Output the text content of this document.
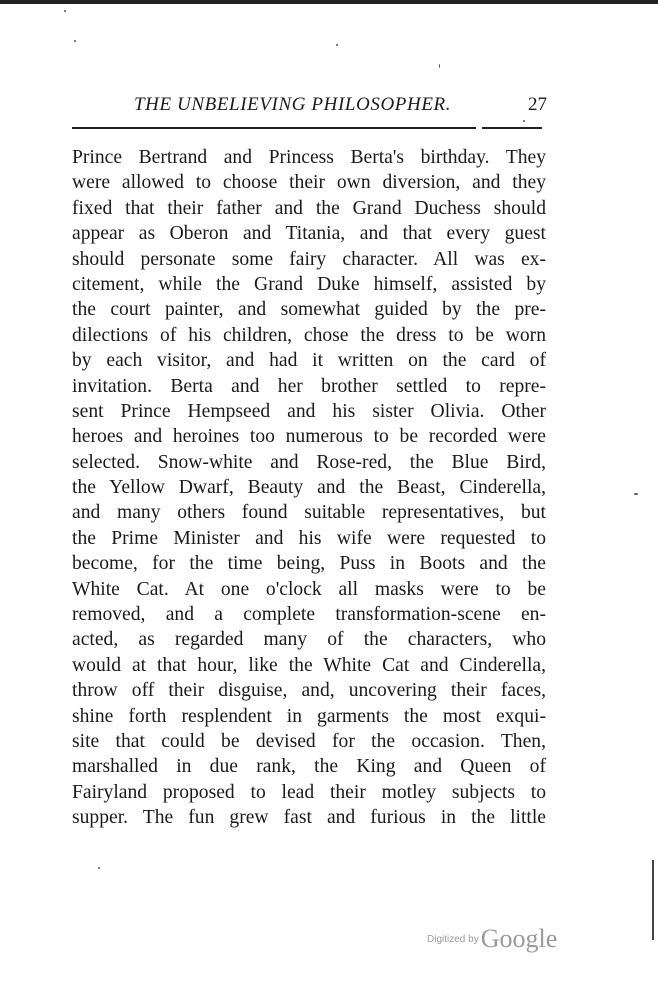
THE UNBELIEVING PHILOSOPHER.	27
Prince Bertrand and Princess Berta's birthday. They
were allowed to choose their own diversion, and they
fixed that their father and the Grand Duchess should
appear as Oberon and Titania, and that every guest
should personate some fairy character. All was ex-
citement, while the Grand Duke himself, assisted by
the court painter, and somewhat guided by the pre-
dilections of his children, chose the dress to be worn
by each visitor, and had it written on the card of
invitation. Berta and her brother settled to repre-
sent Prince Hempseed and his sister Olivia. Other
heroes and heroines too numerous to be recorded were
selected. Snow-white and Rose-red, the Blue Bird,
the Yellow Dwarf, Beauty and the Beast, Cinderella,
and many others found suitable representatives, but
the Prime Minister and his wife were requested to
become, for the time being, Puss in Boots and the
White Cat. At one o'clock all masks were to be
removed, and a complete transformation-scene en-
acted, as regarded many of the characters, who
would at that hour, like the White Cat and Cinderella,
throw off their disguise, and, uncovering their faces,
shine forth resplendent in garments the most exqui-
site that could be devised for the occasion. Then,
marshalled in due rank, the King and Queen of
Fairyland proposed to lead their motley subjects to
supper. The fun grew fast and furious in the little
Digitized byGoogle
